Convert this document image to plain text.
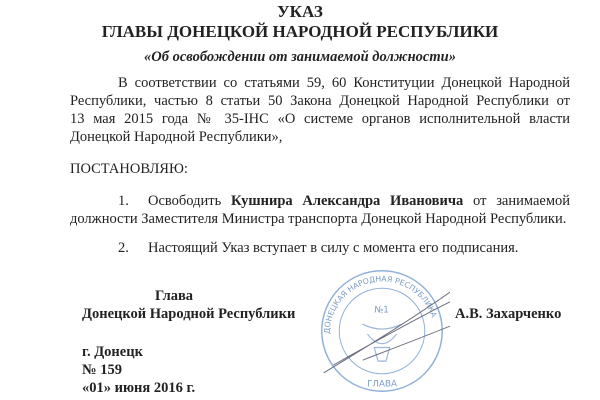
УКАЗ
ГЛАВЫ ДОНЕЦКОЙ НАРОДНОЙ РЕСПУБЛИКИ
«Об освобождении от занимаемой должности»
В соответствии со статьями 59, 60 Конституции Донецкой Народной
Республики, частью 8 статьи 50 Закона Донецкой Народной Республики от
13 мая 2015 года № 35-IНС «О системе органов исполнительной власти
Донецкой Народной Республики»,
ПОСТАНОВЛЯЮ:
1. Освободить Кушнира Александра Ивановича от занимаемой
должности Заместителя Министра транспорта Донецкой Народной Республики.
2. Настоящий Указ вступает в силу с момента его подписания.
ДОНЕЦКАЯ НАРОДНАЯ РЕСПУБЛИКА
№1
ГЛАВА
Глава
Донецкой Народной Республики	А.В. Захарченко
г. Донецк
№ 159
«01» июня 2016 г.
